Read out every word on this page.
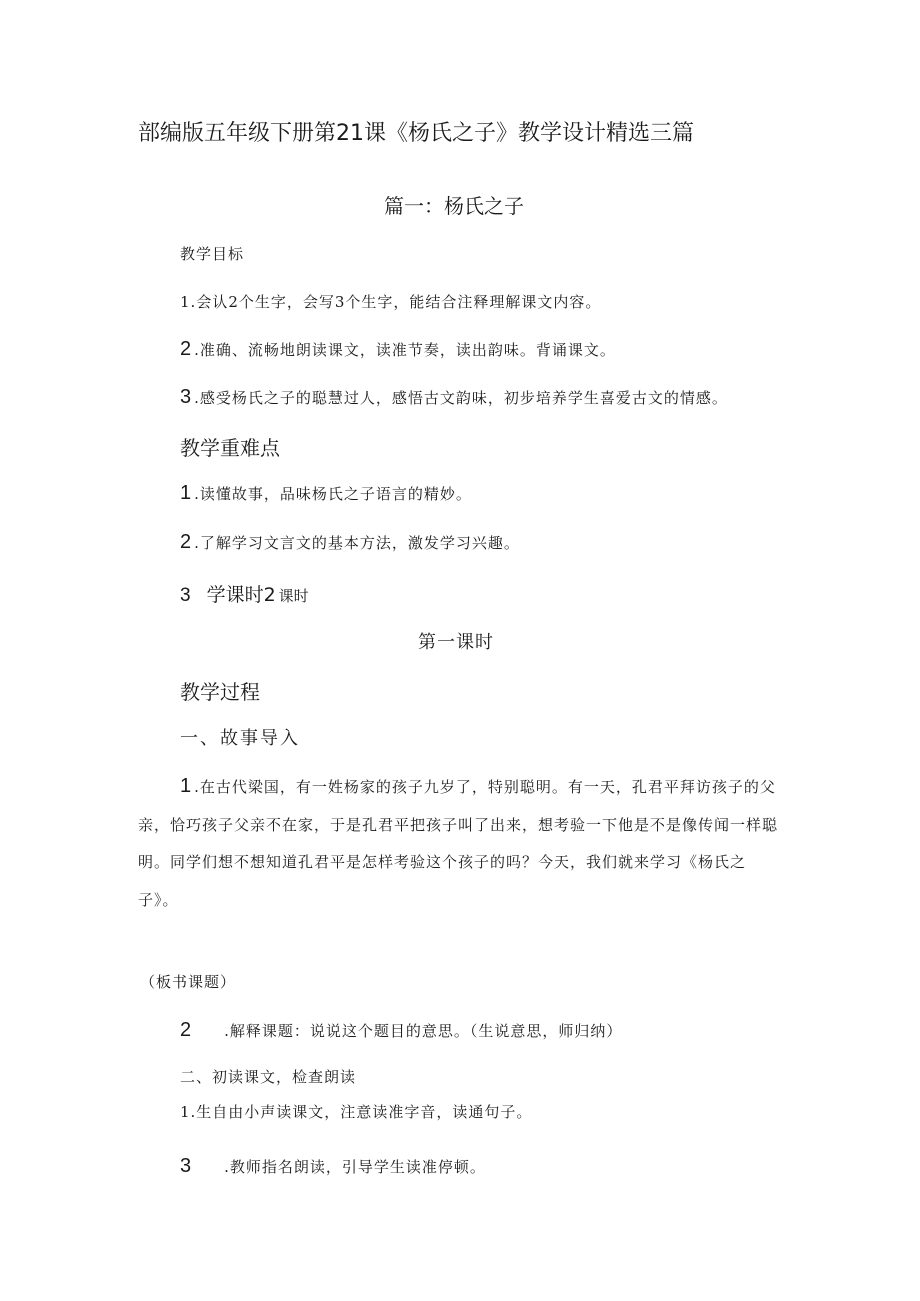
部编版五年级下册第21课《杨氏之子》教学设计精选三篇
篇一：杨氏之子
教学目标
1.会认2个生字，会写3个生字，能结合注释理解课文内容。
2 .准确、流畅地朗读课文，读准节奏，读出韵味。背诵课文。
3 .感受杨氏之子的聪慧过人，感悟古文韵味，初步培养学生喜爱古文的情感。
教学重难点
1 .读懂故事，品味杨氏之子语言的精妙。
2 .了解学习文言文的基本方法，激发学习兴趣。
3 学课时2 课时
第一课时
教学过程
一、故事导入
1 .在古代梁国，有一姓杨家的孩子九岁了，特别聪明。有一天，孔君平拜访孩子的父亲，恰巧孩子父亲不在家，于是孔君平把孩子叫了出来，想考验一下他是不是像传闻一样聪明。同学们想不想知道孔君平是怎样考验这个孩子的吗？今天，我们就来学习《杨氏之子》。
（板书课题）
2 .解释课题：说说这个题目的意思。（生说意思，师归纳）
二、初读课文，检查朗读
1.生自由小声读课文，注意读准字音，读通句子。
3 .教师指名朗读，引导学生读准停顿。
